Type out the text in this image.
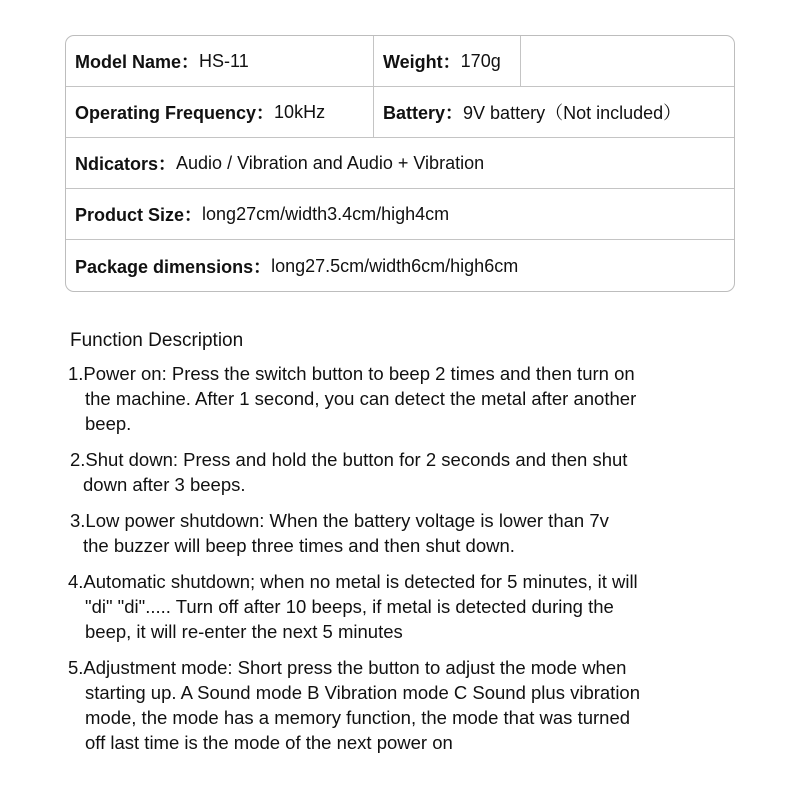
Model Name： HS-11	Weight： 170g
Operating Frequency： 10kHz	Battery： 9V battery（Not included）
Ndicators： Audio / Vibration and Audio + Vibration
Product Size： long27cm/width3.4cm/high4cm
Package dimensions： long27.5cm/width6cm/high6cm
Function Description
1.Power on: Press the switch button to beep 2 times and then turn on
the machine. After 1 second, you can detect the metal after another
beep.
2.Shut down: Press and hold the button for 2 seconds and then shut
down after 3 beeps.
3.Low power shutdown: When the battery voltage is lower than 7v
the buzzer will beep three times and then shut down.
4.Automatic shutdown; when no metal is detected for 5 minutes, it will
"di" "di"..... Turn off after 10 beeps, if metal is detected during the
beep, it will re-enter the next 5 minutes
5.Adjustment mode: Short press the button to adjust the mode when
starting up. A Sound mode B Vibration mode C Sound plus vibration
mode, the mode has a memory function, the mode that was turned
off last time is the mode of the next power on
